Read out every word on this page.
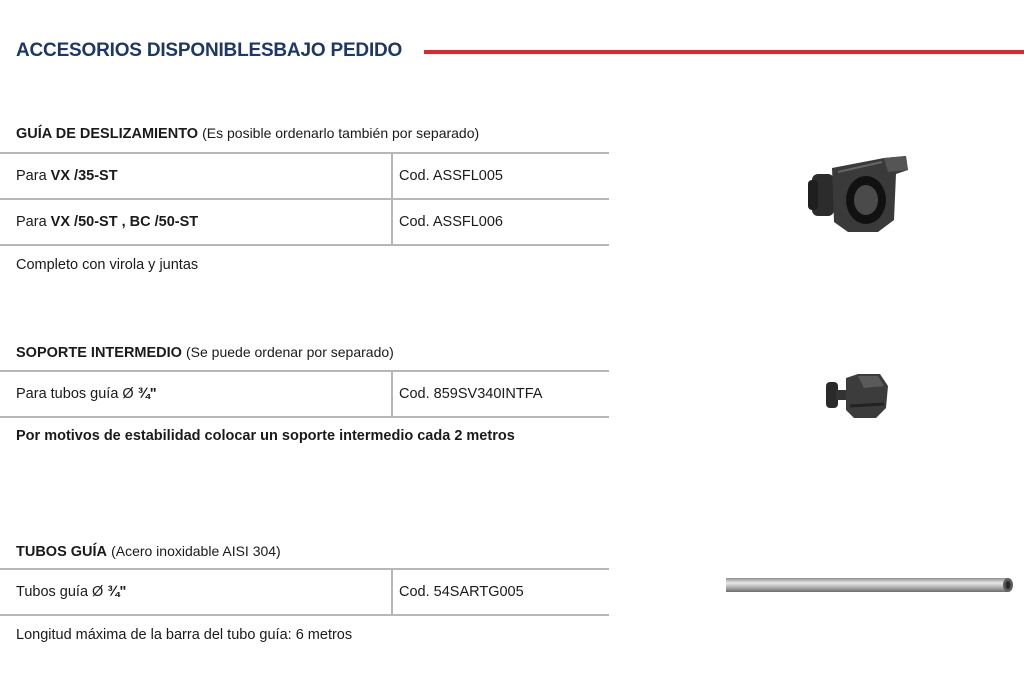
ACCESORIOS DISPONIBLESBAJO PEDIDO
GUÍA DE DESLIZAMIENTO (Es posible ordenarlo también por separado)
Para VX /35-ST	Cod. ASSFL005
Para VX /50-ST , BC /50-ST	Cod. ASSFL006
Completo con virola y juntas
SOPORTE INTERMEDIO (Se puede ordenar por separado)
Para tubos guía Ø ¾"	Cod. 859SV340INTFA
Por motivos de estabilidad colocar un soporte intermedio cada 2 metros
TUBOS GUÍA (Acero inoxidable AISI 304)
Tubos guía Ø ¾"	Cod. 54SARTG005
Longitud máxima de la barra del tubo guía: 6 metros
